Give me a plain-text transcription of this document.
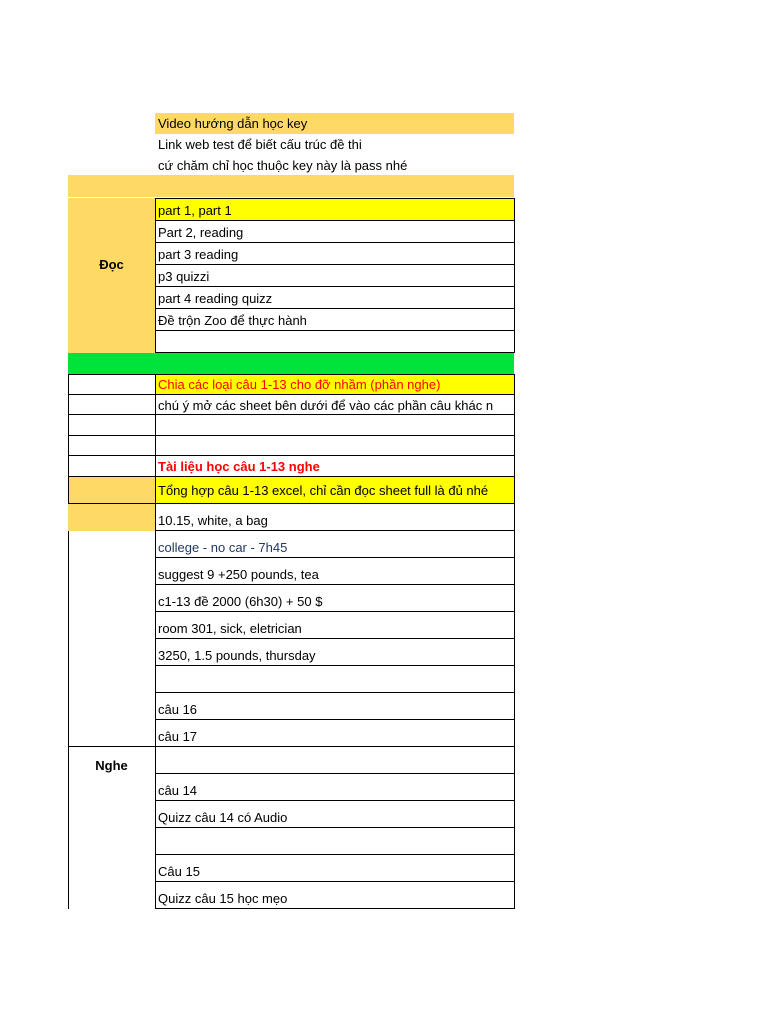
Video hướng dẫn học key
Link web test để biết cấu trúc đề thi
cứ chăm chỉ học thuộc key này là pass nhé
Đọc
part 1, part 1
Part 2, reading
part 3 reading
p3 quizzi
part 4 reading quizz
Đề trộn Zoo để thực hành
Chia các loại câu 1-13 cho đỡ nhầm (phần nghe)
chú ý mở các sheet bên dưới để vào các phần câu khác n
Tài liệu học câu 1-13 nghe
Tổng hợp câu 1-13 excel, chỉ cần đọc sheet full là đủ nhé
Nghe
10.15, white, a bag
college - no car - 7h45
suggest 9 +250 pounds, tea
c1-13 đề 2000 (6h30) + 50 $
room 301, sick, eletrician
3250, 1.5 pounds, thursday
câu 16
câu 17
câu 14
Quizz câu 14 có Audio
Câu 15
Quizz câu 15 học mẹo
